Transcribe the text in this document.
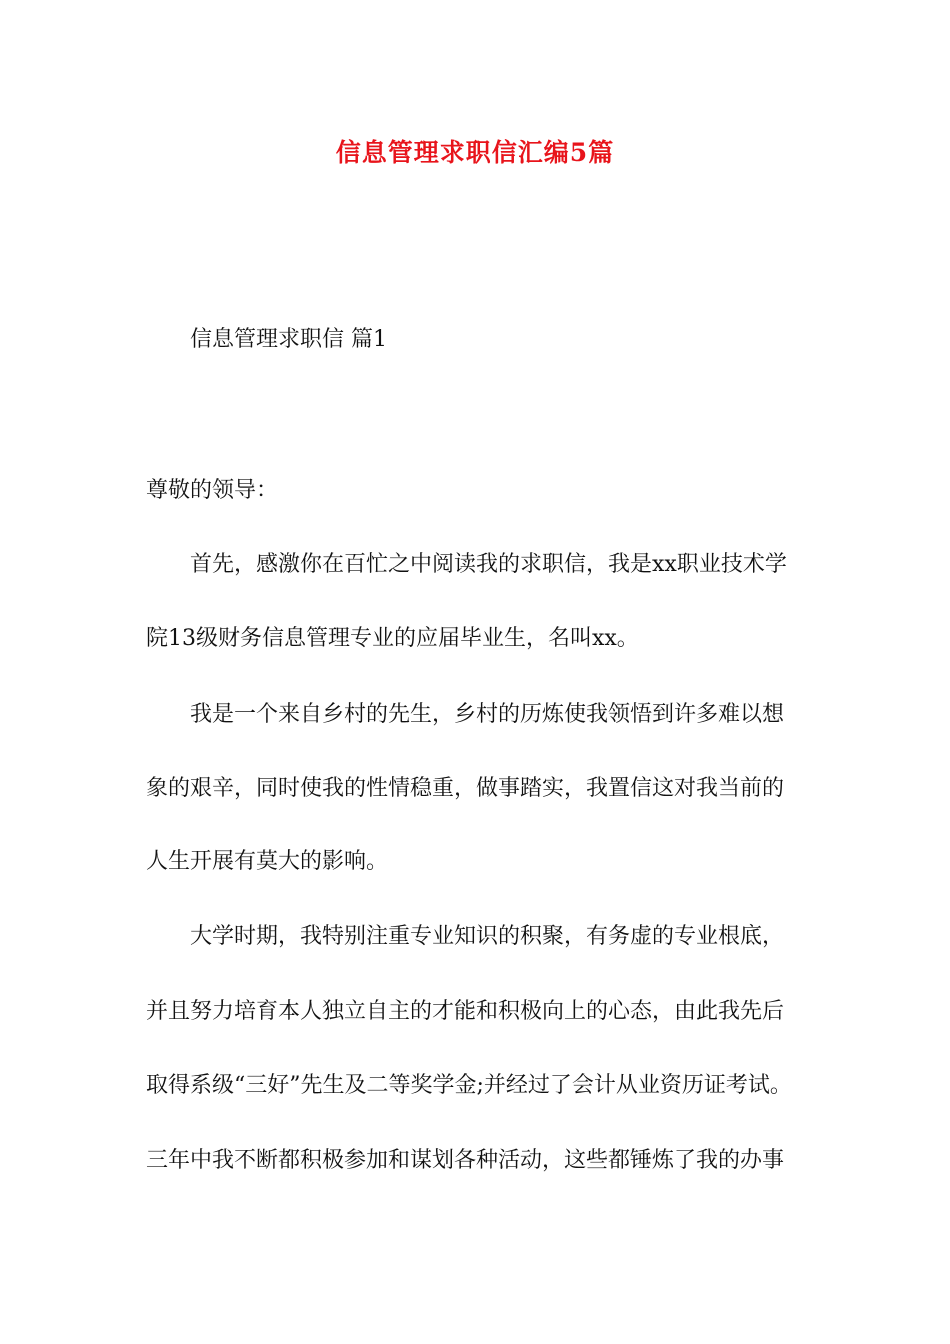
信息管理求职信汇编5篇
信息管理求职信 篇1
尊敬的领导：
首先，感激你在百忙之中阅读我的求职信，我是xx职业技术学
院13级财务信息管理专业的应届毕业生，名叫xx。
我是一个来自乡村的先生，乡村的历炼使我领悟到许多难以想
象的艰辛，同时使我的性情稳重，做事踏实，我置信这对我当前的
人生开展有莫大的影响。
大学时期，我特别注重专业知识的积聚，有务虚的专业根底，
并且努力培育本人独立自主的才能和积极向上的心态，由此我先后
取得系级“三好”先生及二等奖学金;并经过了会计从业资历证考试。
三年中我不断都积极参加和谋划各种活动，这些都锤炼了我的办事
